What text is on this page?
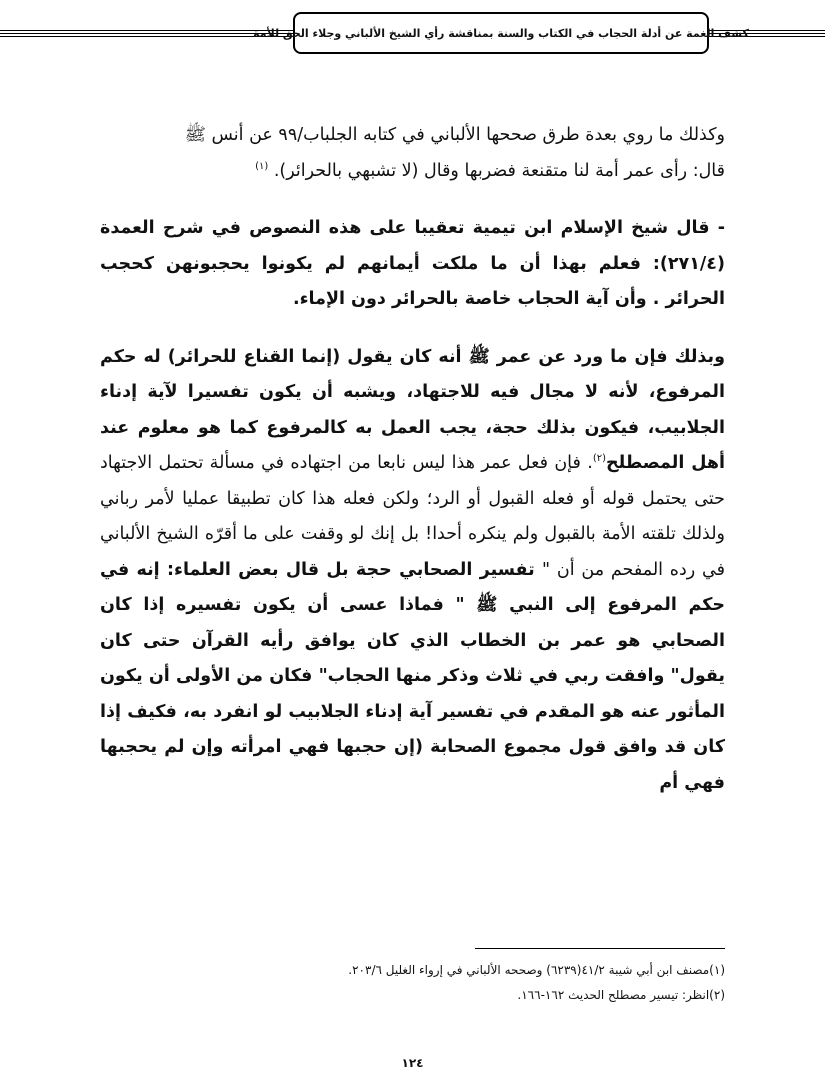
كشف الغمة عن أدلة الحجاب في الكتاب والسنة بمناقشة رأي الشيخ الألباني وجلاء الحق للأمة

وكذلك ما روي بعدة طرق صححها الألباني في كتابه الجلباب/٩٩ عن أنس ﷺ
قال: رأى عمر أمة لنا متقنعة فضربها وقال (لا تشبهي بالحرائر). $^{(١)}$

- قال شيخ الإسلام ابن تيمية تعقيبا على هذه النصوص في شرح العمدة (٢٧١/٤): فعلم بهذا أن ما ملكت أيمانهم لم يكونوا يحجبونهن كحجب الحرائر . وأن آية الحجاب خاصة بالحرائر دون الإماء.

وبذلك فإن ما ورد عن عمر ﷺ أنه كان يقول (إنما القناع للحرائر) له حكم المرفوع، لأنه لا مجال فيه للاجتهاد، ويشبه أن يكون تفسيرا لآية إدناء الجلابيب، فيكون بذلك حجة، يجب العمل به كالمرفوع كما هو معلوم عند أهل المصطلح$^{(٢)}$. فإن فعل عمر هذا ليس نابعا من اجتهاده في مسألة تحتمل الاجتهاد حتى يحتمل قوله أو فعله القبول أو الرد؛ ولكن فعله هذا كان تطبيقا عمليا لأمر رباني ولذلك تلقته الأمة بالقبول ولم ينكره أحدا! بل إنك لو وقفت على ما أقرّه الشيخ الألباني في رده المفحم من أن " تفسير الصحابي حجة بل قال بعض العلماء: إنه في حكم المرفوع إلى النبي ﷺ " فماذا عسى أن يكون تفسيره إذا كان الصحابي هو عمر بن الخطاب الذي كان يوافق رأيه القرآن حتى كان يقول" وافقت ربي في ثلاث وذكر منها الحجاب" فكان من الأولى أن يكون المأثور عنه هو المقدم في تفسير آية إدناء الجلابيب لو انفرد به، فكيف إذا كان قد وافق قول مجموع الصحابة (إن حجبها فهي امرأته وإن لم يحجبها فهي أم

(١)مصنف ابن أبي شيبة ٤١/٢(٦٢٣٩) وصححه الألباني في إرواء الغليل ٢٠٣/٦.
(٢)انظر: تيسير مصطلح الحديث ١٦٢-١٦٦.
١٢٤
